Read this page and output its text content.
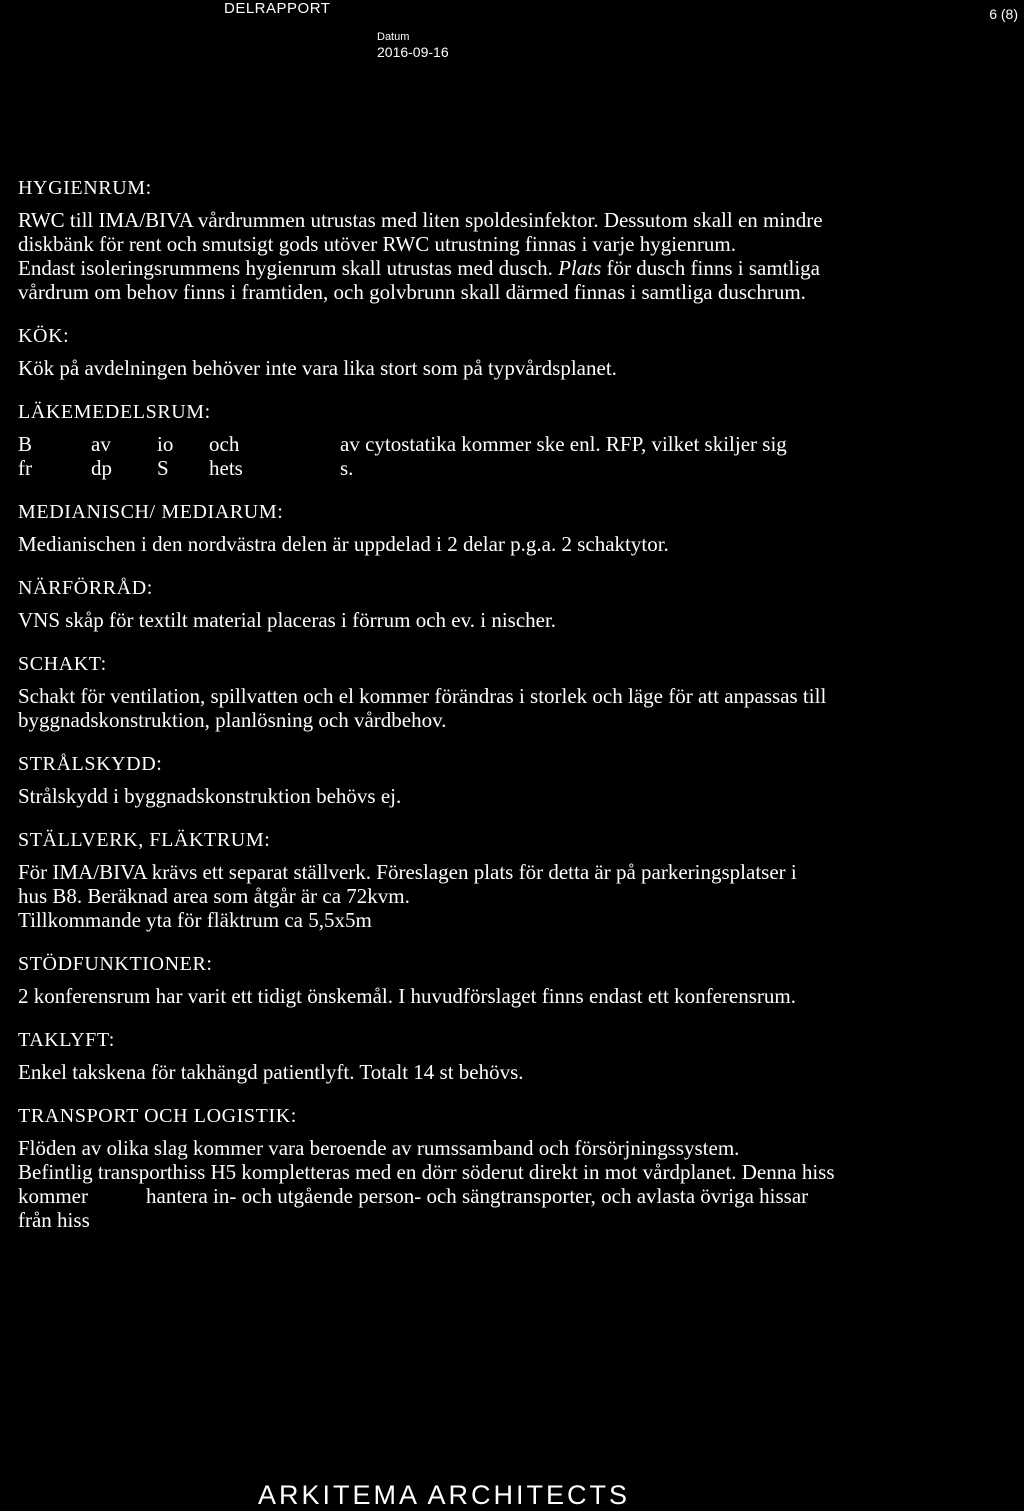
DELRAPPORT
Datum
2016-09-16
6 (8)
HYGIENRUM:
RWC till IMA/BIVA vårdrummen utrustas med liten spoldesinfektor. Dessutom skall en mindre
diskbänk för rent och smutsigt gods utöver RWC utrustning finnas i varje hygienrum.
Endast isoleringsrummens hygienrum skall utrustas med dusch. Plats för dusch finns i samtliga
vårdrum om behov finns i framtiden, och golvbrunn skall därmed finnas i samtliga duschrum.
KÖK:
Kök på avdelningen behöver inte vara lika stort som på typvårdsplanet.
LÄKEMEDELSRUM:
B	av	io	och	av cytostatika kommer ske enl. RFP, vilket skiljer sig
fr	dp	S	hets	s.
MEDIANISCH/ MEDIARUM:
Medianischen i den nordvästra delen är uppdelad i 2 delar p.g.a. 2 schaktytor.
NÄRFÖRRÅD:
VNS skåp för textilt material placeras i förrum och ev. i nischer.
SCHAKT:
Schakt för ventilation, spillvatten och el kommer förändras i storlek och läge för att anpassas till
byggnadskonstruktion, planlösning och vårdbehov.
STRÅLSKYDD:
Strålskydd i byggnadskonstruktion behövs ej.
STÄLLVERK, FLÄKTRUM:
För IMA/BIVA krävs ett separat ställverk. Föreslagen plats för detta är på parkeringsplatser i
hus B8. Beräknad area som åtgår är ca 72kvm.
Tillkommande yta för fläktrum ca 5,5x5m
STÖDFUNKTIONER:
2 konferensrum har varit ett tidigt önskemål. I huvudförslaget finns endast ett konferensrum.
TAKLYFT:
Enkel takskena för takhängd patientlyft. Totalt 14 st behövs.
TRANSPORT OCH LOGISTIK:
Flöden av olika slag kommer vara beroende av rumssamband och försörjningssystem.
Befintlig transporthiss H5 kompletteras med en dörr söderut direkt in mot vårdplanet. Denna hiss
kommer	hantera in- och utgående person- och sängtransporter, och avlasta övriga hissar
från hiss
ARKITEMA ARCHITECTS
